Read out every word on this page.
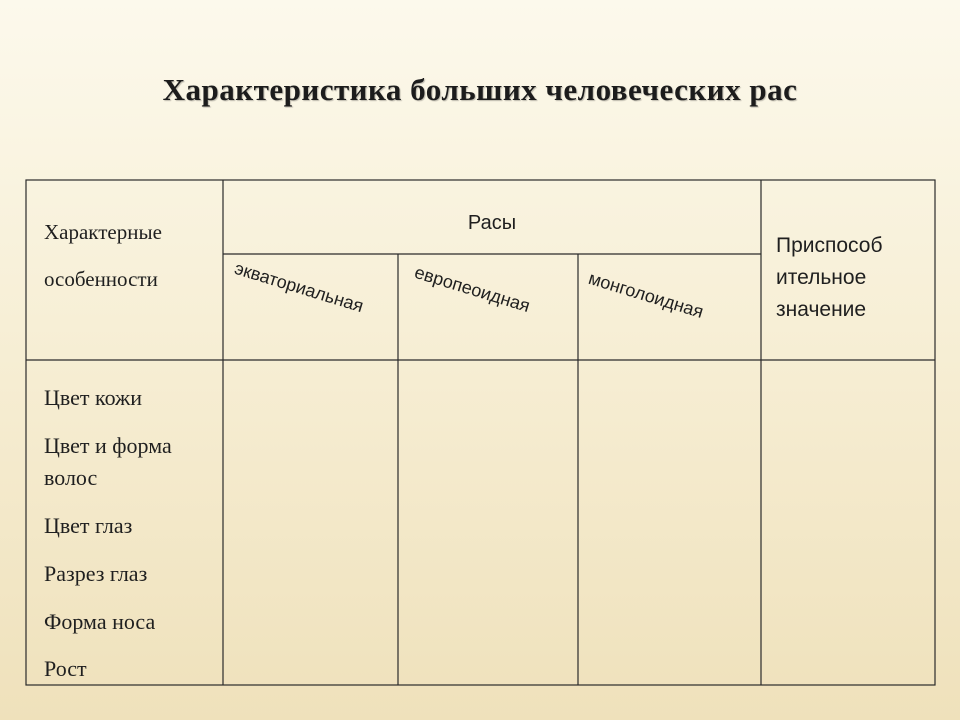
Характеристика больших человеческих рас
Характерные
особенности
Расы
экваториальная	европеоидная	монголоидная
Приспособ
ительное
значение
Цвет кожи
Цвет и форма
волос
Цвет глаз
Разрез глаз
Форма носа
Рост
